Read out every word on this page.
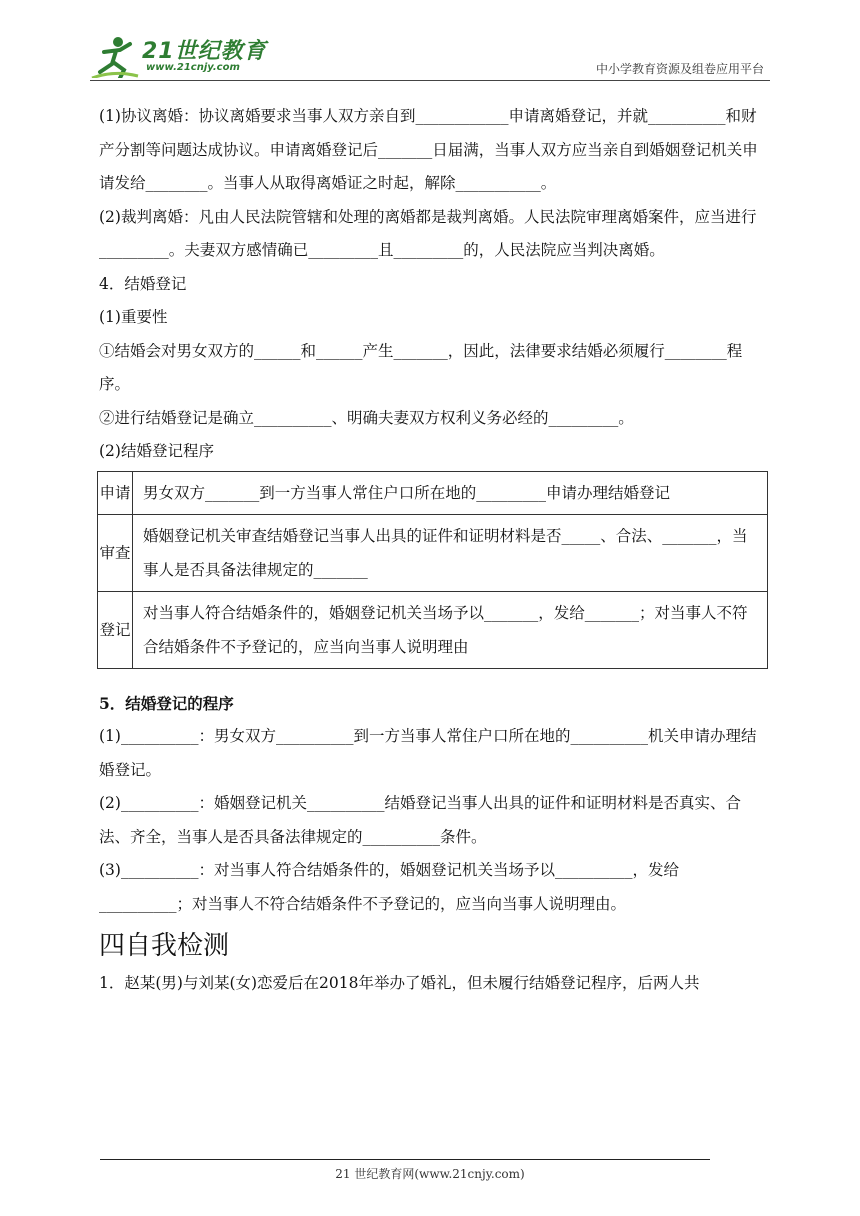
21世纪教育
www.21cnjy.com	中小学教育资源及组卷应用平台

(1)协议离婚：协议离婚要求当事人双方亲自到____________申请离婚登记，并就__________和财产分割等问题达成协议。申请离婚登记后_______日届满，当事人双方应当亲自到婚姻登记机关申请发给________。当事人从取得离婚证之时起，解除___________。

(2)裁判离婚：凡由人民法院管辖和处理的离婚都是裁判离婚。人民法院审理离婚案件，应当进行_________。夫妻双方感情确已_________且_________的，人民法院应当判决离婚。

4．结婚登记

(1)重要性

①结婚会对男女双方的______和______产生_______，因此，法律要求结婚必须履行________程序。

②进行结婚登记是确立__________、明确夫妻双方权利义务必经的_________。

(2)结婚登记程序

申请	男女双方_______到一方当事人常住户口所在地的_________申请办理结婚登记
审查	婚姻登记机关审查结婚登记当事人出具的证件和证明材料是否_____、合法、_______，当事人是否具备法律规定的_______
登记	对当事人符合结婚条件的，婚姻登记机关当场予以_______，发给_______；对当事人不符合结婚条件不予登记的，应当向当事人说明理由

5．结婚登记的程序

(1)__________：男女双方__________到一方当事人常住户口所在地的__________机关申请办理结婚登记。

(2)__________：婚姻登记机关__________结婚登记当事人出具的证件和证明材料是否真实、合法、齐全，当事人是否具备法律规定的__________条件。

(3)__________：对当事人符合结婚条件的，婚姻登记机关当场予以__________，发给__________；对当事人不符合结婚条件不予登记的，应当向当事人说明理由。

四自我检测

1．赵某(男)与刘某(女)恋爱后在2018年举办了婚礼，但未履行结婚登记程序，后两人共

21 世纪教育网(www.21cnjy.com)
